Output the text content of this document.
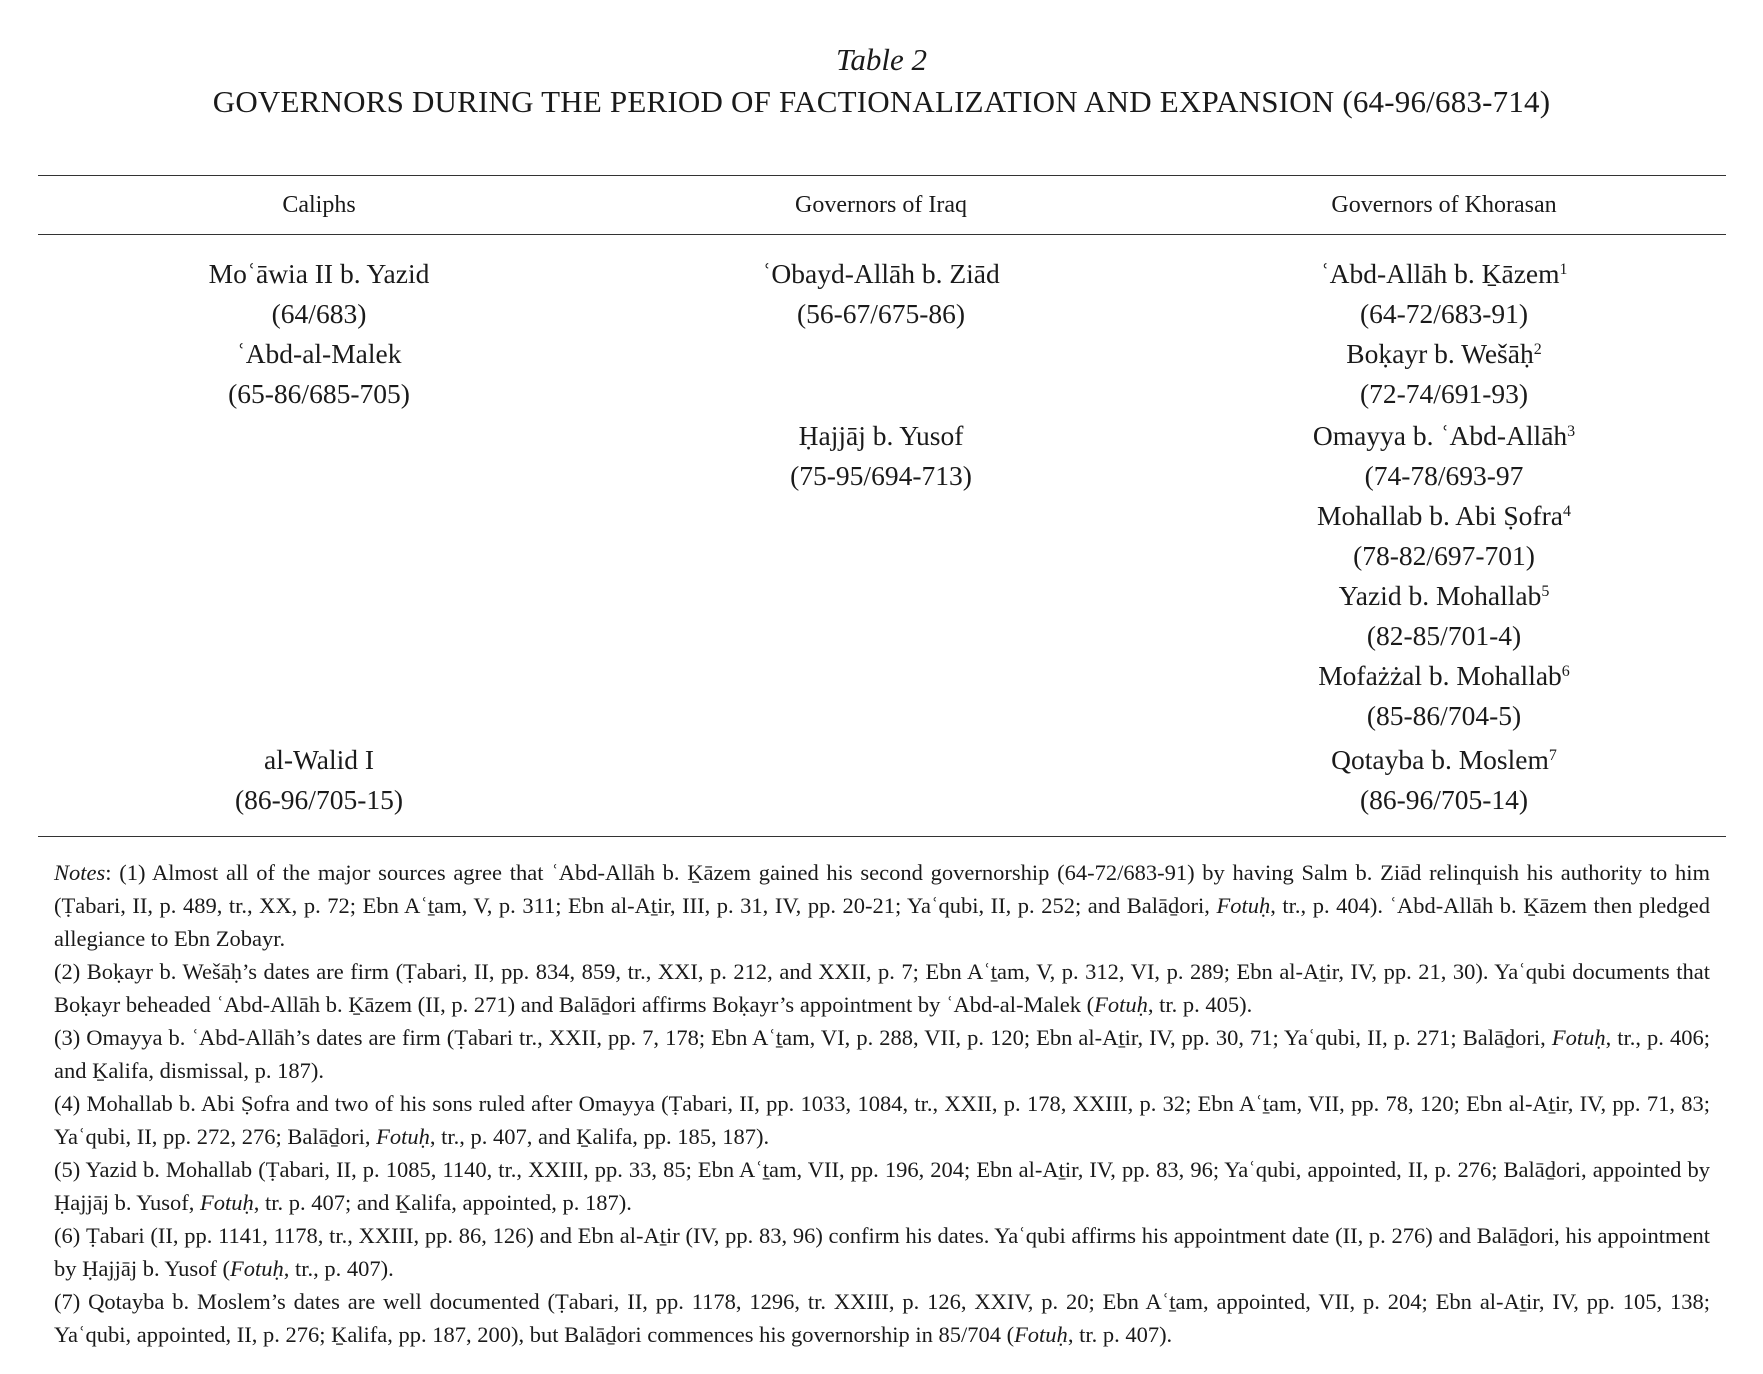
Table 2
GOVERNORS DURING THE PERIOD OF FACTIONALIZATION AND EXPANSION (64-96/683-714)
Caliphs	Governors of Iraq	Governors of Khorasan
Moʿāwia II b. Yazid
(64/683)
ʿAbd-al-Malek
(65-86/685-705)
al-Walid I
(86-96/705-15)
ʿObayd-Allāh b. Ziād
(56-67/675-86)
Ḥajjāj b. Yusof
(75-95/694-713)
ʿAbd-Allāh b. Ḵāzem$^1$
(64-72/683-91)
Boḳayr b. Wešāḥ$^2$
(72-74/691-93)
Omayya b. ʿAbd-Allāh$^3$
(74-78/693-97
Mohallab b. Abi Ṣofra$^4$
(78-82/697-701)
Yazid b. Mohallab$^5$
(82-85/701-4)
Mofażżal b. Mohallab$^6$
(85-86/704-5)
Qotayba b. Moslem$^7$
(86-96/705-14)

Notes: (1) Almost all of the major sources agree that ʿAbd-Allāh b. Ḵāzem gained his second governorship (64-72/683-91) by having Salm b. Ziād relinquish his authority to him (Ṭabari, II, p. 489, tr., XX, p. 72; Ebn Aʿṯam, V, p. 311; Ebn al-Aṯir, III, p. 31, IV, pp. 20-21; Yaʿqubi, II, p. 252; and Balāḏori, Fotuḥ, tr., p. 404). ʿAbd-Allāh b. Ḵāzem then pledged allegiance to Ebn Zobayr.

(2) Boḳayr b. Wešāḥ’s dates are firm (Ṭabari, II, pp. 834, 859, tr., XXI, p. 212, and XXII, p. 7; Ebn Aʿṯam, V, p. 312, VI, p. 289; Ebn al-Aṯir, IV, pp. 21, 30). Yaʿqubi documents that Boḳayr beheaded ʿAbd-Allāh b. Ḵāzem (II, p. 271) and Balāḏori affirms Boḳayr’s appointment by ʿAbd-al-Malek (Fotuḥ, tr. p. 405).

(3) Omayya b. ʿAbd-Allāh’s dates are firm (Ṭabari tr., XXII, pp. 7, 178; Ebn Aʿṯam, VI, p. 288, VII, p. 120; Ebn al-Aṯir, IV, pp. 30, 71; Yaʿqubi, II, p. 271; Balāḏori, Fotuḥ, tr., p. 406; and Ḵalifa, dismissal, p. 187).

(4) Mohallab b. Abi Ṣofra and two of his sons ruled after Omayya (Ṭabari, II, pp. 1033, 1084, tr., XXII, p. 178, XXIII, p. 32; Ebn Aʿṯam, VII, pp. 78, 120; Ebn al-Aṯir, IV, pp. 71, 83; Yaʿqubi, II, pp. 272, 276; Balāḏori, Fotuḥ, tr., p. 407, and Ḵalifa, pp. 185, 187).

(5) Yazid b. Mohallab (Ṭabari, II, p. 1085, 1140, tr., XXIII, pp. 33, 85; Ebn Aʿṯam, VII, pp. 196, 204; Ebn al-Aṯir, IV, pp. 83, 96; Yaʿqubi, appointed, II, p. 276; Balāḏori, appointed by Ḥajjāj b. Yusof, Fotuḥ, tr. p. 407; and Ḵalifa, appointed, p. 187).

(6) Ṭabari (II, pp. 1141, 1178, tr., XXIII, pp. 86, 126) and Ebn al-Aṯir (IV, pp. 83, 96) confirm his dates. Yaʿqubi affirms his appointment date (II, p. 276) and Balāḏori, his appointment by Ḥajjāj b. Yusof (Fotuḥ, tr., p. 407).

(7) Qotayba b. Moslem’s dates are well documented (Ṭabari, II, pp. 1178, 1296, tr. XXIII, p. 126, XXIV, p. 20; Ebn Aʿṯam, appointed, VII, p. 204; Ebn al-Aṯir, IV, pp. 105, 138; Yaʿqubi, appointed, II, p. 276; Ḵalifa, pp. 187, 200), but Balāḏori commences his governorship in 85/704 (Fotuḥ, tr. p. 407).
